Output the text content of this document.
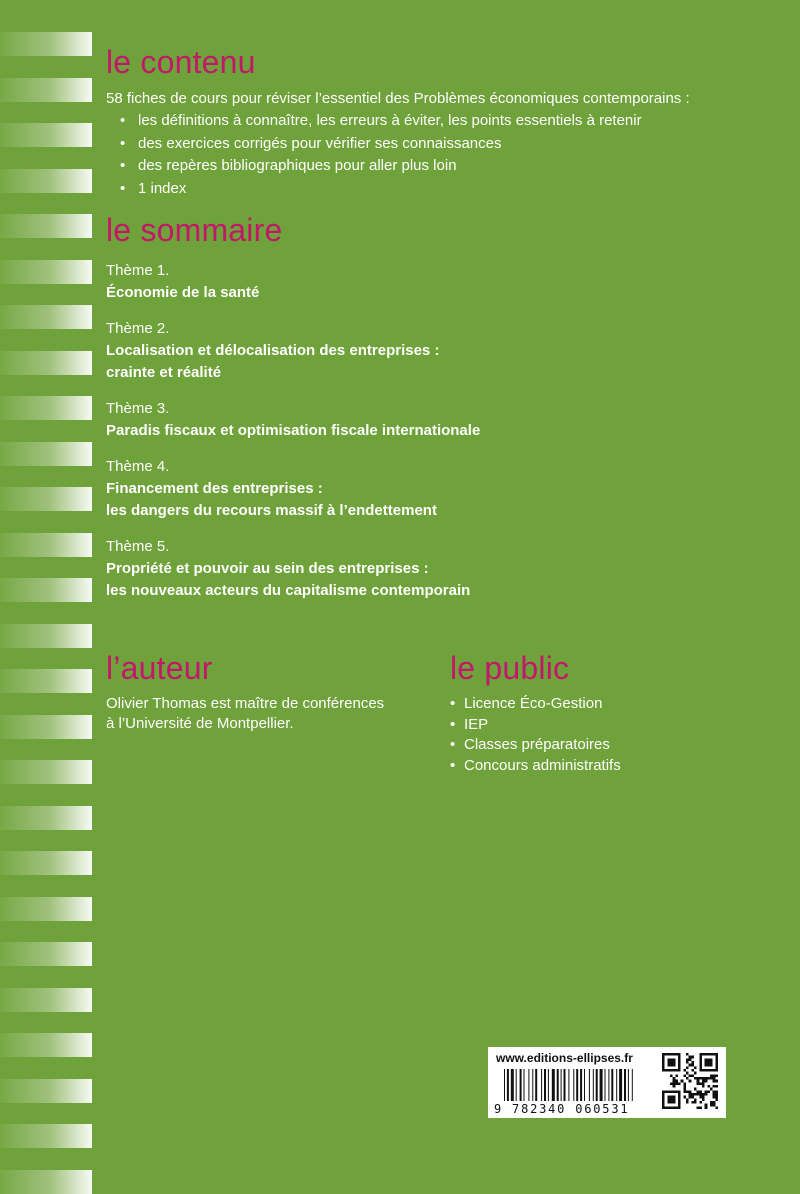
le contenu

58 fiches de cours pour réviser l’essentiel des Problèmes économiques contemporains :

• les définitions à connaître, les erreurs à éviter, les points essentiels à retenir
• des exercices corrigés pour vérifier ses connaissances
• des repères bibliographiques pour aller plus loin
• 1 index
le sommaire
Thème 1.
Économie de la santé
Thème 2.
Localisation et délocalisation des entreprises :
crainte et réalité
Thème 3.
Paradis fiscaux et optimisation fiscale internationale
Thème 4.
Financement des entreprises :
les dangers du recours massif à l’endettement
Thème 5.
Propriété et pouvoir au sein des entreprises :
les nouveaux acteurs du capitalisme contemporain
l’auteur

Olivier Thomas est maître de conférences

à l’Université de Montpellier.

le public
• Licence Éco-Gestion
• IEP
• Classes préparatoires
• Concours administratifs
www.editions-ellipses.fr
9 782340 060531
